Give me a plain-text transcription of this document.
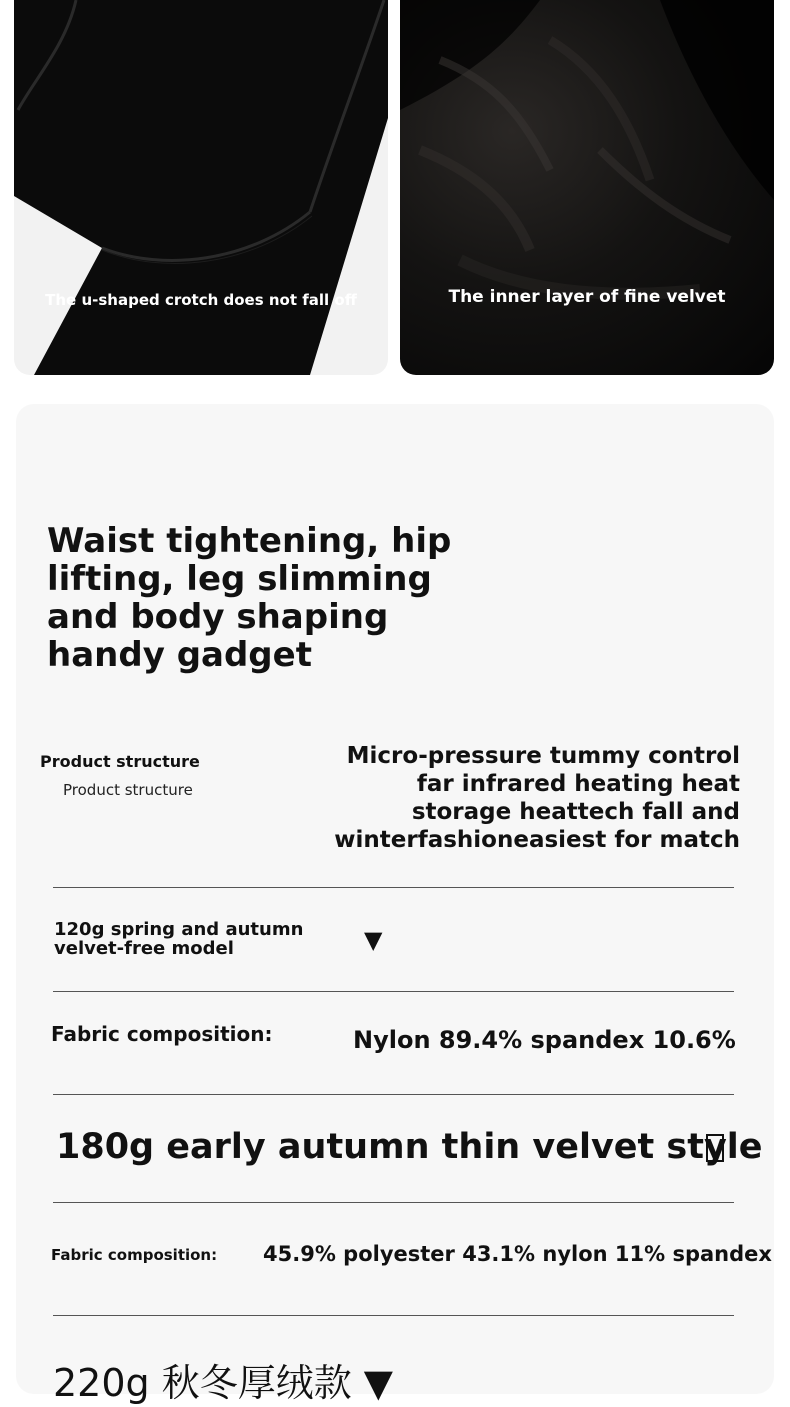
The u-shaped crotch does not fall off	The inner layer of fine velvet
Waist tightening, hip lifting, leg slimming and body shaping handy gadget
Product structure
Product structure
Micro-pressure tummy control far infrared heating heat storage heattech fall and winterfashioneasiest for match
120g spring and autumn velvet-free model	▼
Fabric composition:	Nylon 89.4% spandex 10.6%
180g early autumn thin velvet style
Fabric composition: 45.9% polyester 43.1% nylon 11% spandex
220g 秋冬厚绒款 ▼
